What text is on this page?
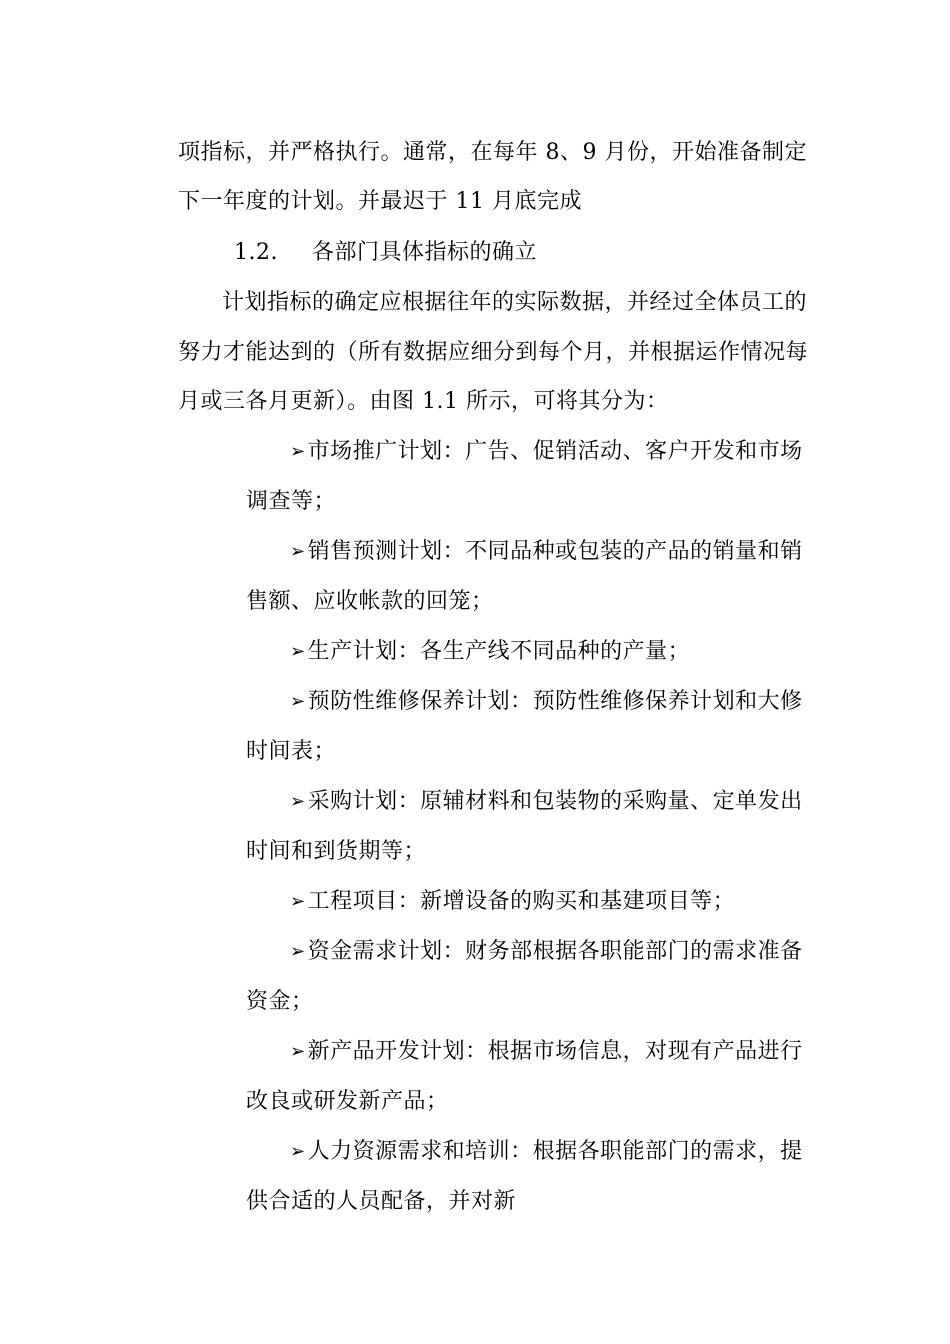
项指标，并严格执行。通常，在每年 8、9 月份，开始准备制定
下一年度的计划。并最迟于 11 月底完成
1.2. 各部门具体指标的确立
计划指标的确定应根据往年的实际数据，并经过全体员工的
努力才能达到的（所有数据应细分到每个月，并根据运作情况每
月或三各月更新）。由图 1.1 所示，可将其分为：
➢市场推广计划：广告、促销活动、客户开发和市场
调查等；
➢销售预测计划：不同品种或包装的产品的销量和销
售额、应收帐款的回笼；
➢生产计划：各生产线不同品种的产量；
➢预防性维修保养计划：预防性维修保养计划和大修
时间表；
➢采购计划：原辅材料和包装物的采购量、定单发出
时间和到货期等；
➢工程项目：新增设备的购买和基建项目等；
➢资金需求计划：财务部根据各职能部门的需求准备
资金；
➢新产品开发计划：根据市场信息，对现有产品进行
改良或研发新产品；
➢人力资源需求和培训：根据各职能部门的需求，提
供合适的人员配备，并对新
